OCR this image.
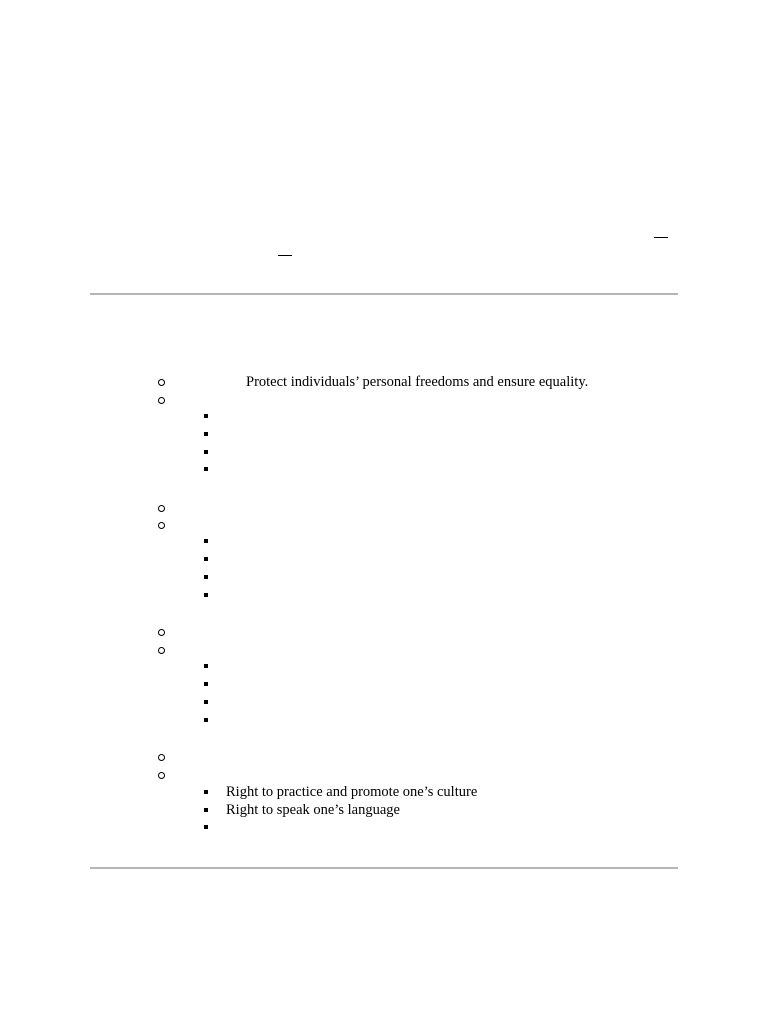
Protect individuals’ personal freedoms and ensure equality.
Right to practice and promote one’s culture
Right to speak one’s language
